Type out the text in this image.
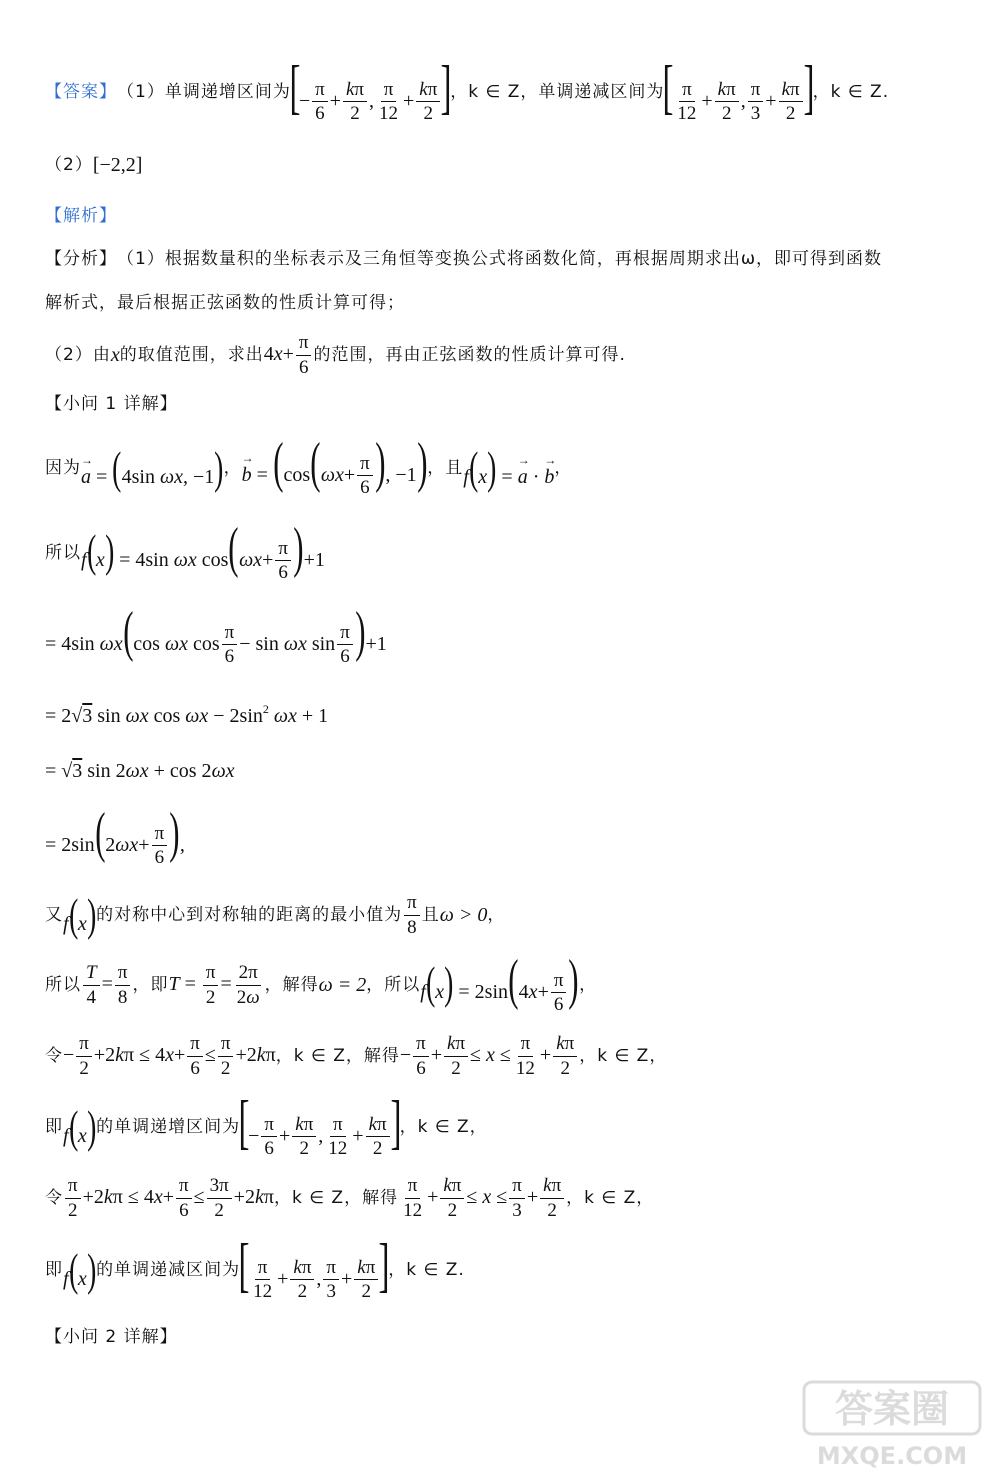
【答案】 （1）单调递增区间为
[− $\frac{\pi}{6} + \frac{k\pi}{2}$ , $\frac{\pi}{12} + \frac{k\pi}{2}$ ]
，k ∈ Z，单调递减区间为
[ $\frac{\pi}{12} + \frac{k\pi}{2}$ , $\frac{\pi}{3} + \frac{k\pi}{2}$ ]
，k ∈ Z.
（2） [−2,2]
【解析】
【分析】 （1）根据数量积的坐标表示及三角恒等变换公式将函数化简，再根据周期求出ω，即可得到函数
解析式，最后根据正弦函数的性质计算可得；
（2）由 x 的取值范围，求出 $4x+ \frac{\pi}{6}$ 的范围，再由正弦函数的性质计算可得.
【小问 1 详解】
因为 → a = (4sin ωx, −1) ， → $b = (\cos(\omega x+ \frac{\pi}{6}$ ), −1) ，且 f(x) = → a · → b ，
所以 f(x) = 4sin ωx $\cos(\omega x+ \frac{\pi}{6} )+1$
= 4sin ωx(cos ωx $\cos \frac{\pi}{6} - \sin \omega x$ $\sin \frac{\pi}{6} )+1$
= 2√3 sin ωx $\cos \omega x - 2\sin^2$ ωx + 1
= √3 sin 2ωx + cos 2ωx
= $2\sin(2\omega x+ \frac{\pi}{6}$ ),
又 f(x) 的对称中心到对称轴的距离的最小值为 $\frac{\pi}{8}$ 且 ω > 0 ，
所以 $\frac{T}{4} = \frac{\pi}{8}$ ，即 $T = \frac{\pi}{2} = \frac{2\pi}{2\omega}$ ，解得 ω = 2 ，所以 $f(x) = 2\sin(4x+ \frac{\pi}{6}$ ) ，
令 − $\frac{\pi}{2} +2k\pi \le 4x+ \frac{\pi}{6} \le \frac{\pi}{2} +2k\pi$ ，k ∈ Z，解得 − $\frac{\pi}{6} + \frac{k\pi}{2} \le x \le \frac{\pi}{12} + \frac{k\pi}{2}$ ，k ∈ Z，
即 f(x) 的单调递增区间为
[− $\frac{\pi}{6} + \frac{k\pi}{2}$ , $\frac{\pi}{12} + \frac{k\pi}{2}$ ]
，k ∈ Z，
令 $\frac{\pi}{2} +2k\pi \le 4x+ \frac{\pi}{6} \le \frac{3\pi}{2} +2k\pi$ ，k ∈ Z，解得 $\frac{\pi}{12} + \frac{k\pi}{2} \le x \le \frac{\pi}{3} + \frac{k\pi}{2}$ ，k ∈ Z，
即 f(x) 的单调递减区间为
[ $\frac{\pi}{12} + \frac{k\pi}{2}$ , $\frac{\pi}{3} + \frac{k\pi}{2}$ ]
，k ∈ Z.
【小问 2 详解】
答案圈
MXQE.COM
